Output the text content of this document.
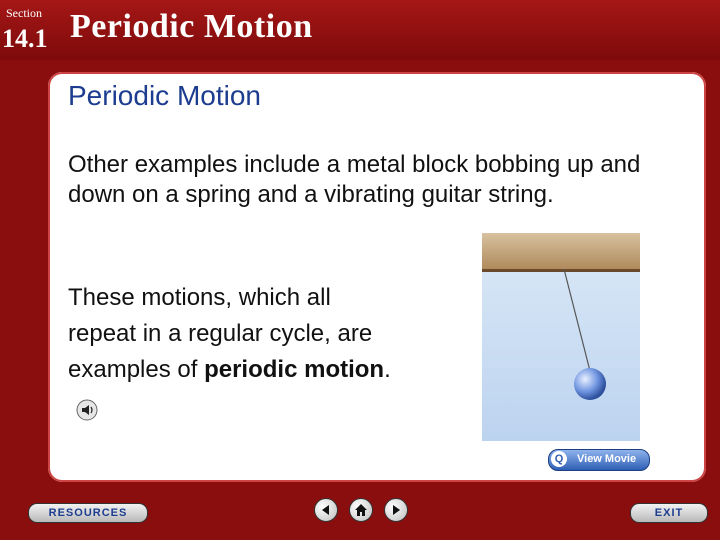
Section
14.1 Periodic Motion
Periodic Motion
Other examples include a metal block bobbing up and down on a spring and a vibrating guitar string.
These motions, which all repeat in a regular cycle, are examples of periodic motion.
Q	View Movie
RESOURCES	EXIT
